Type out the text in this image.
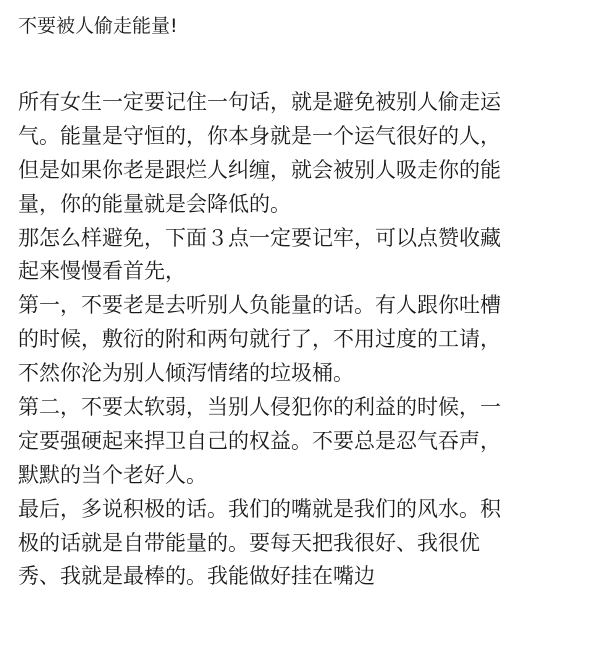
不要被人偷走能量!
所有女生一定要记住一句话，就是避免被别人偷走运
气。能量是守恒的，你本身就是一个运气很好的人，
但是如果你老是跟烂人纠缠，就会被别人吸走你的能
量，你的能量就是会降低的。
那怎么样避免，下面３点一定要记牢，可以点赞收藏
起来慢慢看首先，
第一，不要老是去听别人负能量的话。有人跟你吐槽
的时候，敷衍的附和两句就行了，不用过度的工请，
不然你沦为别人倾泻情绪的垃圾桶。
第二，不要太软弱，当别人侵犯你的利益的时候，一
定要强硬起来捍卫自己的权益。不要总是忍气吞声，
默默的当个老好人。
最后，多说积极的话。我们的嘴就是我们的风水。积
极的话就是自带能量的。要每天把我很好、我很优
秀、我就是最棒的。我能做好挂在嘴边
